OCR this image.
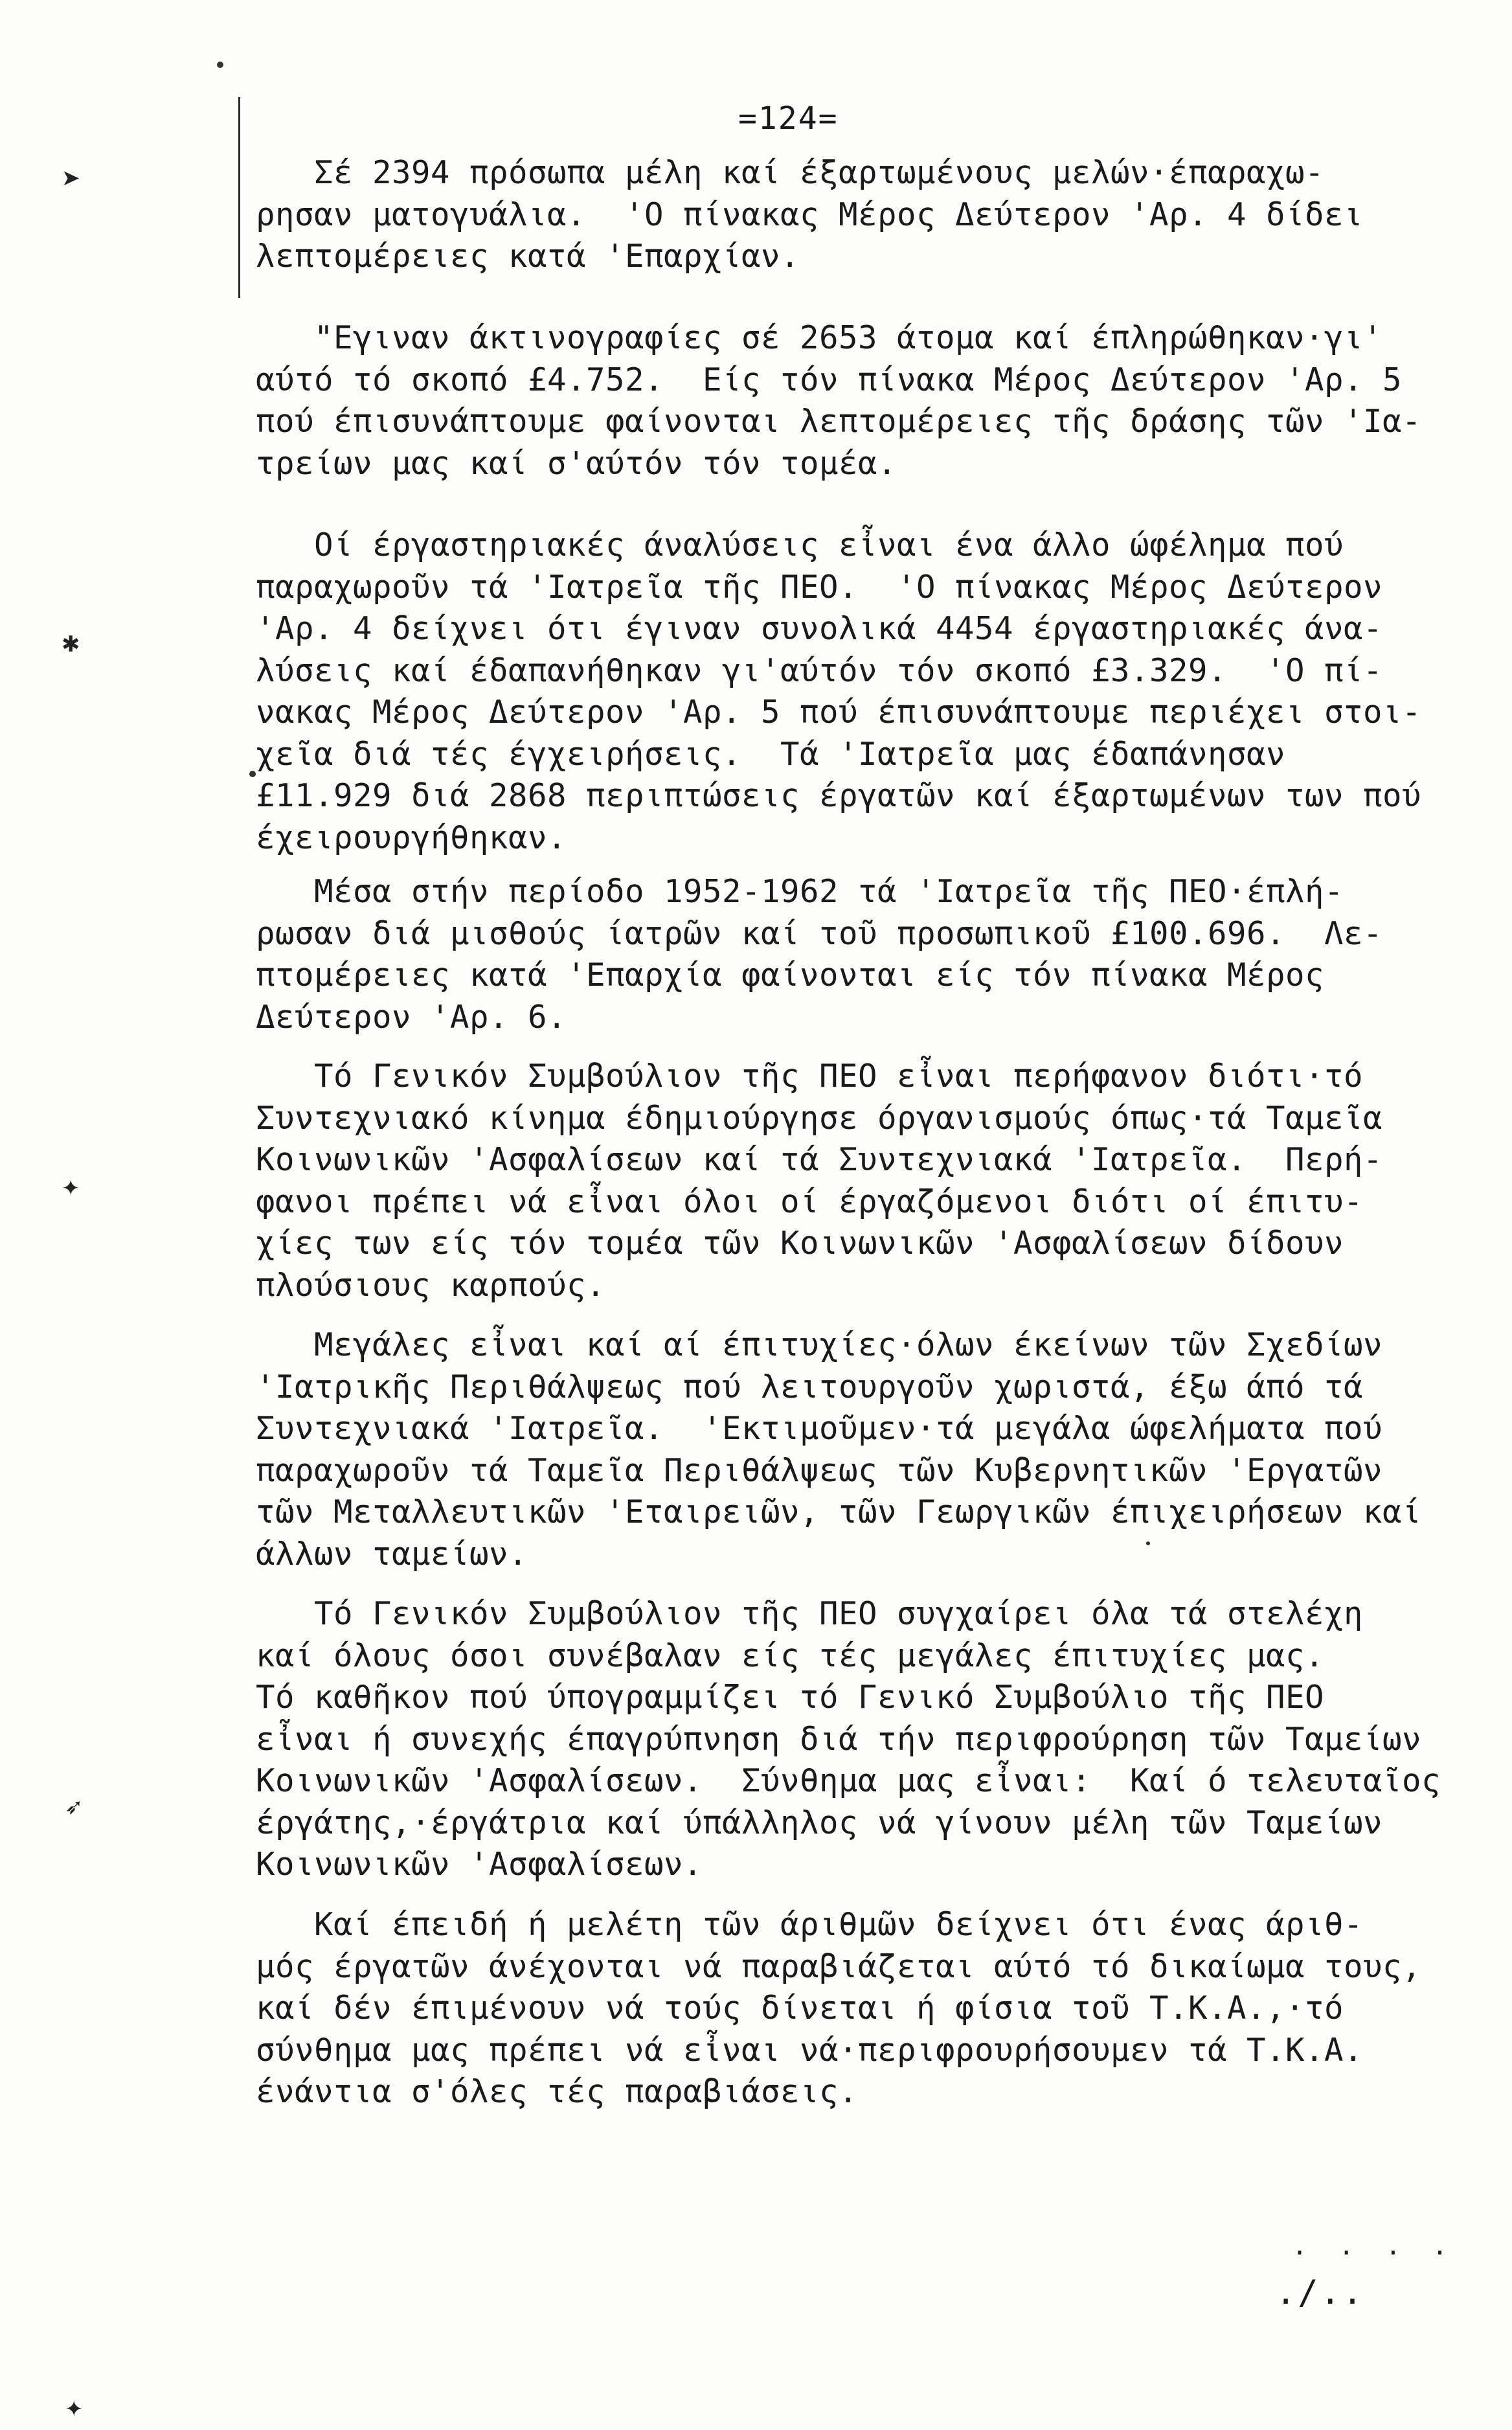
=124=
Σέ 2394 πρόσωπα μέλη καί έξαρτωμένους μελών·έπαραχω-
ρησαν ματογυάλια.  'Ο πίνακας Μέρος Δεύτερον 'Αρ. 4 δίδει
λεπτομέρειες κατά 'Επαρχίαν.
"Εγιναν άκτινογραφίες σέ 2653 άτομα καί έπληρώθηκαν·γι'
αύτό τό σκοπό £4.752.  Είς τόν πίνακα Μέρος Δεύτερον 'Αρ. 5
πού έπισυνάπτουμε φαίνονται λεπτομέρειες τῆς δράσης τῶν 'Ια-
τρείων μας καί σ'αύτόν τόν τομέα.
Οί έργαστηριακές άναλύσεις εἶναι ένα άλλο ώφέλημα πού
παραχωροῦν τά 'Ιατρεῖα τῆς ΠΕΟ.  'Ο πίνακας Μέρος Δεύτερον
'Αρ. 4 δείχνει ότι έγιναν συνολικά 4454 έργαστηριακές άνα-
λύσεις καί έδαπανήθηκαν γι'αύτόν τόν σκοπό £3.329.  'Ο πί-
νακας Μέρος Δεύτερον 'Αρ. 5 πού έπισυνάπτουμε περιέχει στοι-
χεῖα διά τές έγχειρήσεις.  Τά 'Ιατρεῖα μας έδαπάνησαν
£11.929 διά 2868 περιπτώσεις έργατῶν καί έξαρτωμένων των πού
έχειρουργήθηκαν.
Μέσα στήν περίοδο 1952-1962 τά 'Ιατρεῖα τῆς ΠΕΟ·έπλή-
ρωσαν διά μισθούς ίατρῶν καί τοῦ προσωπικοῦ £100.696.  Λε-
πτομέρειες κατά 'Επαρχία φαίνονται είς τόν πίνακα Μέρος
Δεύτερον 'Αρ. 6.
Τό Γενικόν Συμβούλιον τῆς ΠΕΟ εἶναι περήφανον διότι·τό
Συντεχνιακό κίνημα έδημιούργησε όργανισμούς όπως·τά Ταμεῖα
Κοινωνικῶν 'Ασφαλίσεων καί τά Συντεχνιακά 'Ιατρεῖα.  Περή-
φανοι πρέπει νά εἶναι όλοι οί έργαζόμενοι διότι οί έπιτυ-
χίες των είς τόν τομέα τῶν Κοινωνικῶν 'Ασφαλίσεων δίδουν
πλούσιους καρπούς.
Μεγάλες εἶναι καί αί έπιτυχίες·όλων έκείνων τῶν Σχεδίων
'Ιατρικῆς Περιθάλψεως πού λειτουργοῦν χωριστά, έξω άπό τά
Συντεχνιακά 'Ιατρεῖα.  'Εκτιμοῦμεν·τά μεγάλα ώφελήματα πού
παραχωροῦν τά Ταμεῖα Περιθάλψεως τῶν Κυβερνητικῶν 'Εργατῶν
τῶν Μεταλλευτικῶν 'Εταιρειῶν, τῶν Γεωργικῶν έπιχειρήσεων καί
άλλων ταμείων.
Τό Γενικόν Συμβούλιον τῆς ΠΕΟ συγχαίρει όλα τά στελέχη
καί όλους όσοι συνέβαλαν είς τές μεγάλες έπιτυχίες μας.
Τό καθῆκον πού ύπογραμμίζει τό Γενικό Συμβούλιο τῆς ΠΕΟ
εἶναι ή συνεχής έπαγρύπνηση διά τήν περιφρούρηση τῶν Ταμείων
Κοινωνικῶν 'Ασφαλίσεων.  Σύνθημα μας εἶναι:  Καί ό τελευταῖος
έργάτης,·έργάτρια καί ύπάλληλος νά γίνουν μέλη τῶν Ταμείων
Κοινωνικῶν 'Ασφαλίσεων.
Καί έπειδή ή μελέτη τῶν άριθμῶν δείχνει ότι ένας άριθ-
μός έργατῶν άνέχονται νά παραβιάζεται αύτό τό δικαίωμα τους,
καί δέν έπιμένουν νά τούς δίνεται ή φίσια τοῦ Τ.Κ.Α.,·τό
σύνθημα μας πρέπει νά εἶναι νά·περιφρουρήσουμεν τά Τ.Κ.Α.
ένάντια σ'όλες τές παραβιάσεις.
➤
✱
✦
➶
✦
. . . .
./..
